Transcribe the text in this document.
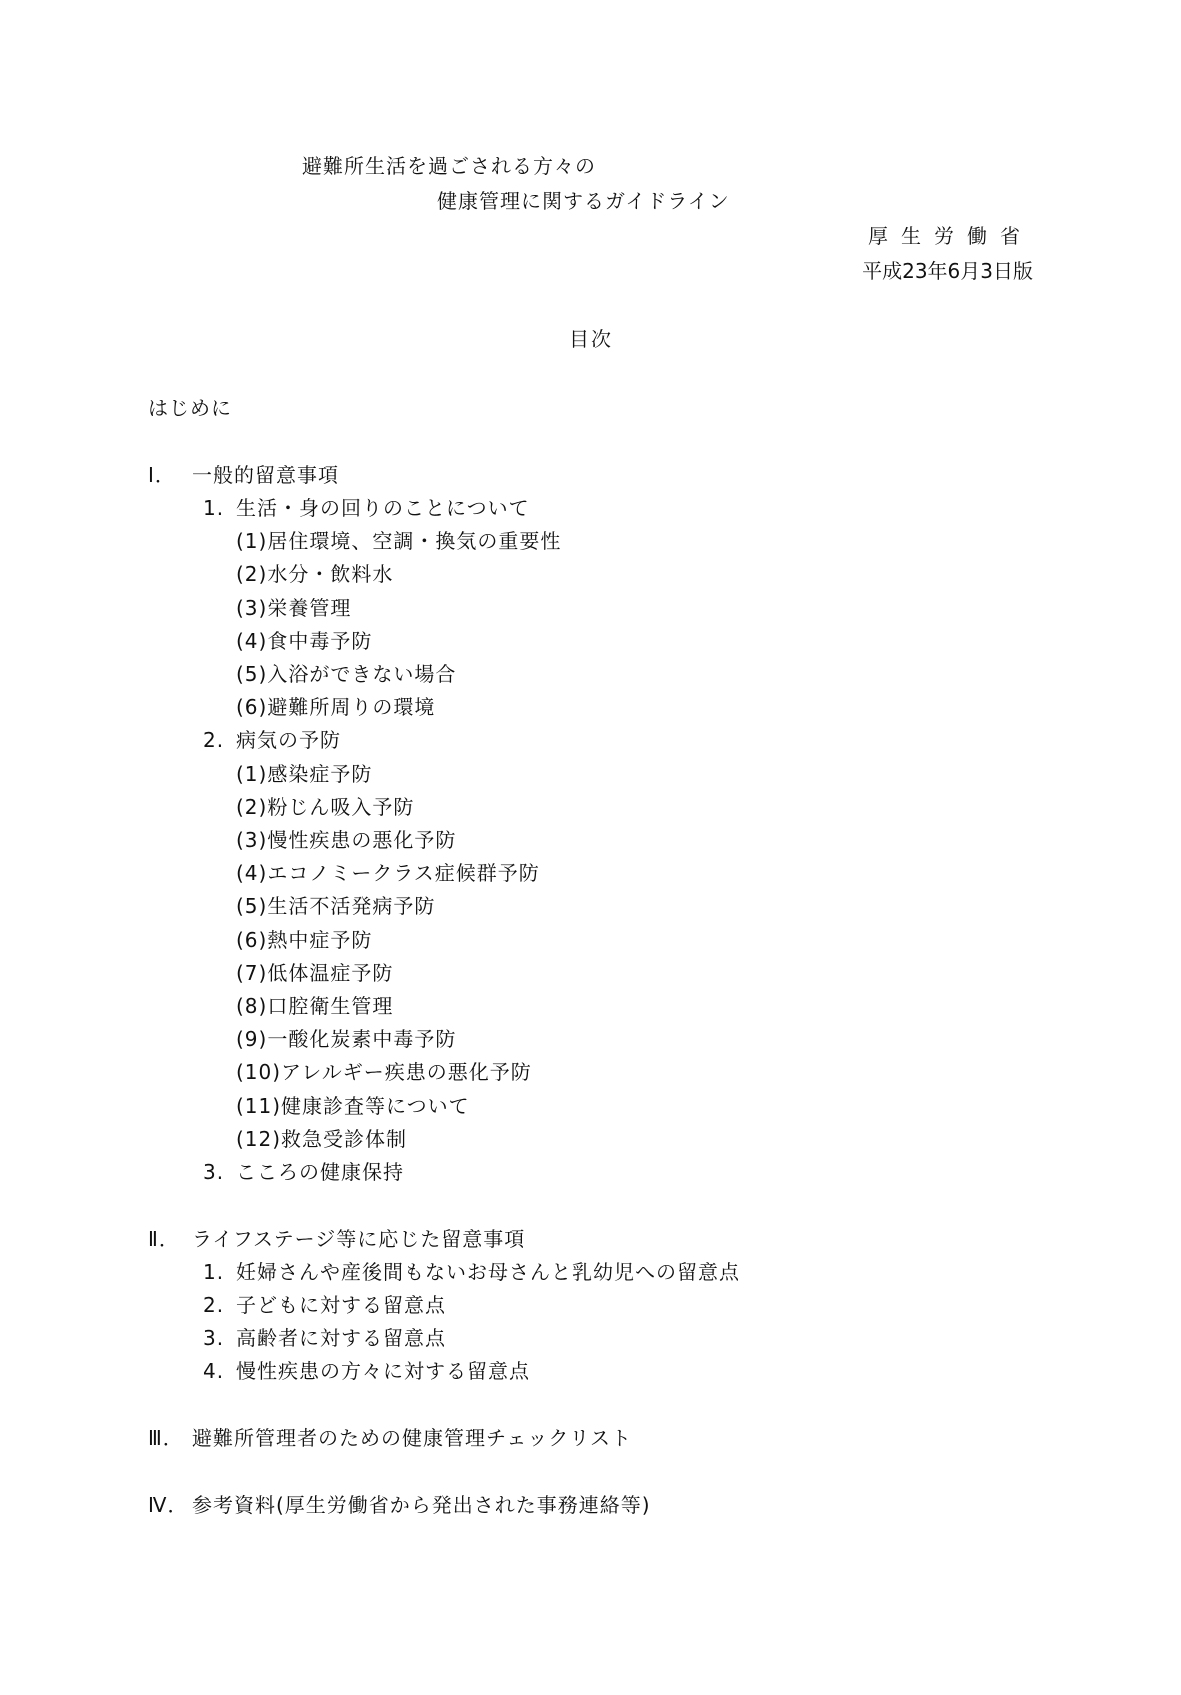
避難所生活を過ごされる方々の
健康管理に関するガイドライン
厚生労働省
平成23年6月3日版
目次
はじめに
Ⅰ． 一般的留意事項
1. 生活・身の回りのことについて
(1)居住環境、空調・換気の重要性
(2)水分・飲料水
(3)栄養管理
(4)食中毒予防
(5)入浴ができない場合
(6)避難所周りの環境
2. 病気の予防
(1)感染症予防
(2)粉じん吸入予防
(3)慢性疾患の悪化予防
(4)エコノミークラス症候群予防
(5)生活不活発病予防
(6)熱中症予防
(7)低体温症予防
(8)口腔衛生管理
(9)一酸化炭素中毒予防
(10)アレルギー疾患の悪化予防
(11)健康診査等について
(12)救急受診体制
3. こころの健康保持
Ⅱ． ライフステージ等に応じた留意事項
1. 妊婦さんや産後間もないお母さんと乳幼児への留意点
2. 子どもに対する留意点
3. 高齢者に対する留意点
4. 慢性疾患の方々に対する留意点
Ⅲ． 避難所管理者のための健康管理チェックリスト
Ⅳ． 参考資料(厚生労働省から発出された事務連絡等)
